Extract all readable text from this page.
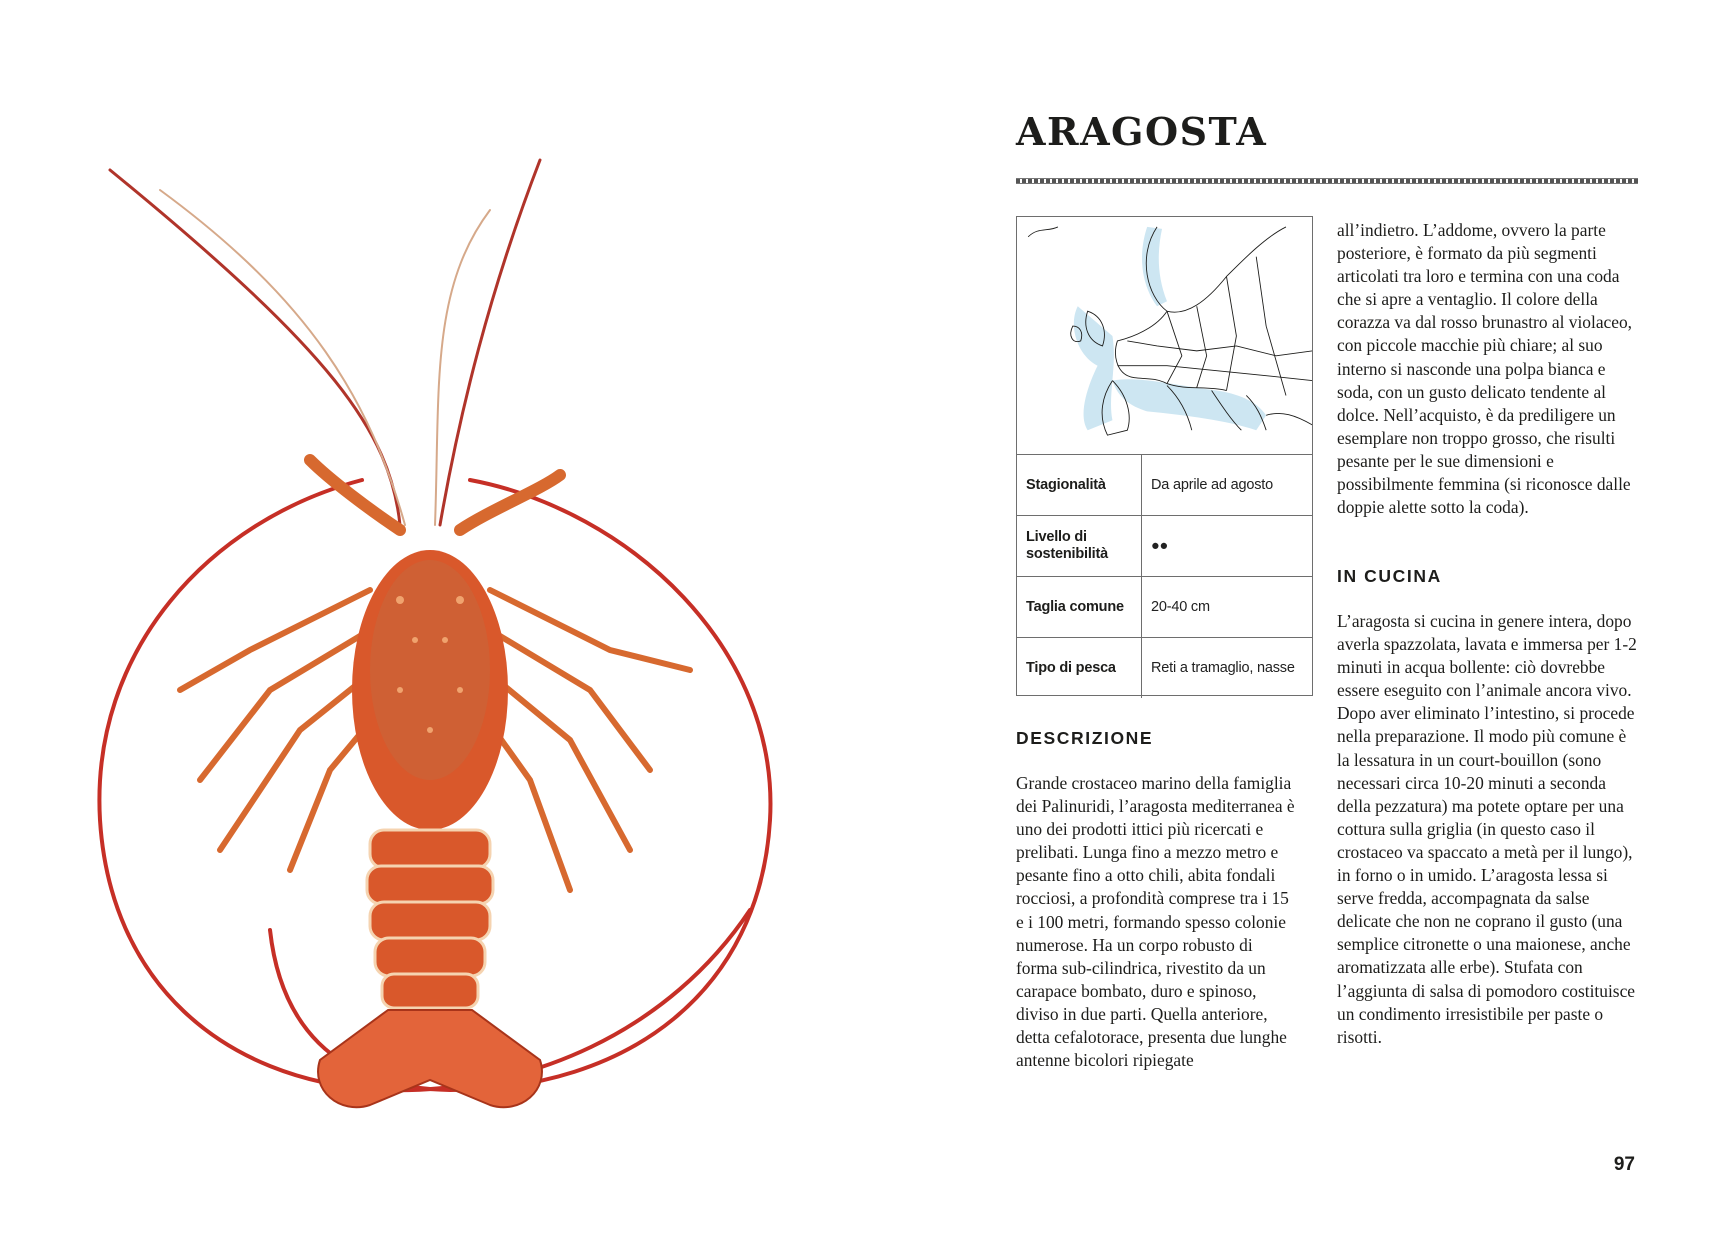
ARAGOSTA
Stagionalità	Da aprile ad agosto
Livello di sostenibilità	●●
Taglia comune	20-40 cm
Tipo di pesca	Reti a tramaglio, nasse
DESCRIZIONE

Grande crostaceo marino della famiglia dei Palinuridi, l’aragosta mediterranea è uno dei prodotti ittici più ricercati e prelibati. Lunga fino a mezzo metro e pesante fino a otto chili, abita fondali rocciosi, a profondità comprese tra i 15 e i 100 metri, formando spesso colonie numerose. Ha un corpo robusto di forma sub-cilindrica, rivestito da un carapace bombato, duro e spinoso, diviso in due parti. Quella anteriore, detta cefalotorace, presenta due lunghe antenne bicolori ripiegate

all’indietro. L’addome, ovvero la parte posteriore, è formato da più segmenti articolati tra loro e termina con una coda che si apre a ventaglio. Il colore della corazza va dal rosso brunastro al violaceo, con piccole macchie più chiare; al suo interno si nasconde una polpa bianca e soda, con un gusto delicato tendente al dolce. Nell’acquisto, è da prediligere un esemplare non troppo grosso, che risulti pesante per le sue dimensioni e possibilmente femmina (si riconosce dalle doppie alette sotto la coda).

IN CUCINA

L’aragosta si cucina in genere intera, dopo averla spazzolata, lavata e immersa per 1-2 minuti in acqua bollente: ciò dovrebbe essere eseguito con l’animale ancora vivo. Dopo aver eliminato l’intestino, si procede nella preparazione. Il modo più comune è la lessatura in un court-bouillon (sono necessari circa 10-20 minuti a seconda della pezzatura) ma potete optare per una cottura sulla griglia (in questo caso il crostaceo va spaccato a metà per il lungo), in forno o in umido. L’aragosta lessa si serve fredda, accompagnata da salse delicate che non ne coprano il gusto (una semplice citronette o una maionese, anche aromatizzata alle erbe). Stufata con l’aggiunta di salsa di pomodoro costituisce un condimento irresistibile per paste o risotti.

97
